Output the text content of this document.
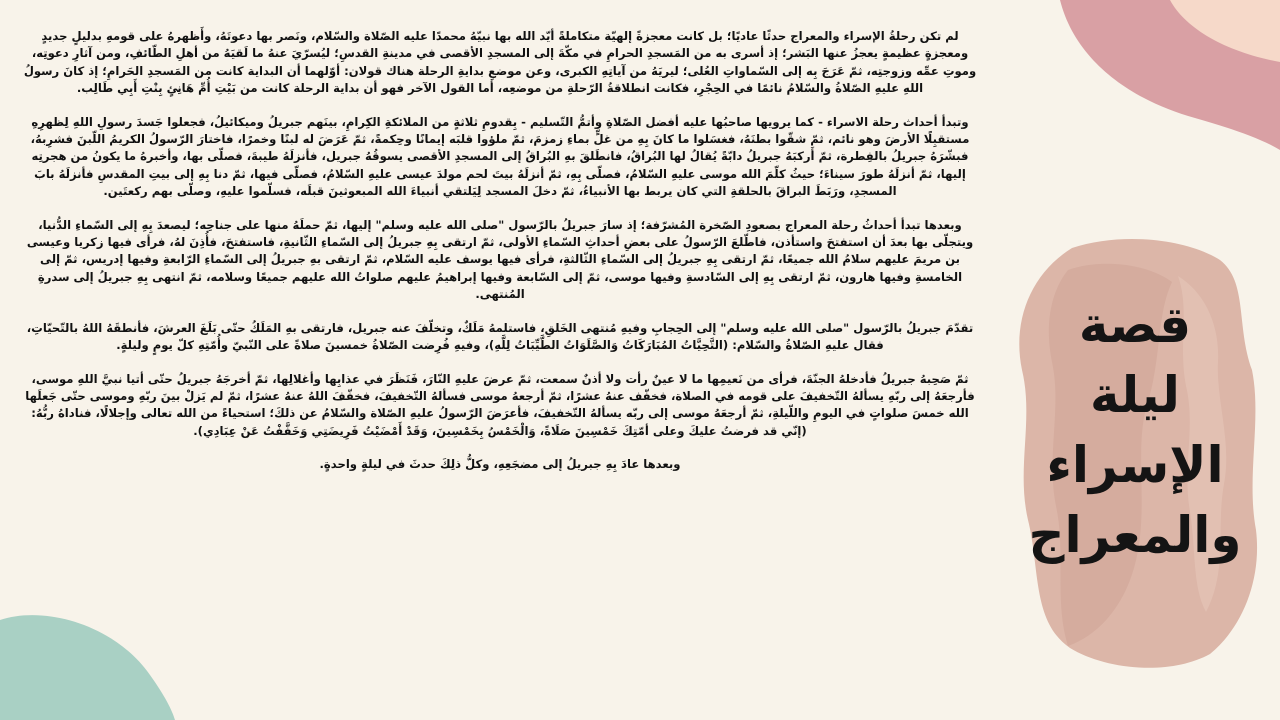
قصة
ليلة
الإسراء
والمعراج

لم تكن رحلةُ الإسراء والمعراج حدثًا عاديًا؛ بل كانت معجزةً إلهيّة متكاملةً أيّد الله بها نبيّهُ محمدًا عليه الصّلاة والسّلام، ونَصر بها دعوتَهُ، وأَظهرهُ على قومهِ بدليلٍ جديدٍ ومعجزةٍ عظيمةٍ يعجزُ عنها البَشر؛ إذ أسرى به من المَسجدِ الحرامِ في مكّةَ إلى المسجدِ الأقصى في مدينةِ القدسِ؛ ليُسرّيَ عنهُ ما لَقيَهُ من أهلِ الطّائفِ، ومن آثارِ دعوتِه، وموتِ عمِّه وزوجتِه، ثمّ عَرَجَ بِه إلى السّماواتِ العُلى؛ ليريَهُ من آياتِهِ الكبرى، وعن موضعِ بدايةِ الرحلة هناك قولان: أوّلهما أن البداية كانت من المَسجدِ الحَرامِ؛ إذ كانَ رسولُ اللهِ عليهِ الصّلاةُ والسّلامُ نائمًا في الحِجْرِ، فكانت انطلاقةُ الرّحلةِ من موضعِه، أما القول الآخر فهو أن بداية الرحلة كانت من بَيْتِ أُمِّ هَانِئٍ بِنْتِ أَبِي طَالِب.

وتبدأ أحداث رحلة الاسراء - كما يرويها صاحبُها عليه أفضل الصّلاةِ وأتمُّ التّسليم - بِقدومِ ثلاثةٍ من الملائكةِ الكِرامِ، بينَهم جبريلُ وميكائيلُ، فجعلوا جَسدَ رسولِ اللهِ لِظهرِهِ مستقبِلًا الأرضَ وهو نائم، ثمّ شقّوا بطنَهُ، فغسَلوا ما كانَ بِهِ من غلٍّ بماءِ زمزمَ، ثمّ ملؤوا قلبَه إيمانًا وحِكمةً، ثمّ عَرَضَ له لبنًا وخمرًا، فاختارَ الرّسولُ الكريمُ اللّبنَ فشرِبهُ، فبشّرَهُ جبريلُ بالفِطرة، ثمّ أَركبَهُ جبريلُ دابّةً يُقالُ لها البُراقُ، فانطَلقَ بهِ البُراقُ إلى المسجدِ الأقصى يسوقُهُ جبريل، فأنزلَهُ طيبةَ، فصلّى بها، وأخبرهُ ما يكونُ من هجرتِه إليها، ثمّ أنزلَهُ طورَ سيناءَ؛ حيثُ كلّمَ الله موسى عليهِ السّلامُ، فصلّى بِهِ، ثمّ أنزلَهُ بيتَ لحم مولدَ عيسى عليهِ السّلامُ، فصلّى فيها، ثمّ دنا بِهِ إلى بيتِ المقدسِ فأنزلَهُ بابَ المسجدِ، ورَبَطَ البراقَ بالحلقةِ التي كان يربط بها الأنبياءُ، ثمّ دخلَ المسجد لِيَلتقي أنبياءَ الله المبعوثينَ قبلَه، فسلّموا عليهِ، وصلّى بهم ركعتَين.

وبعدها تبدأ أحداثُ رحلة المعراج بصعودِ الصّخرة المُشرّفة؛ إذ سارَ جبريلُ بالرّسول "صلى الله عليه وسلم" إليها، ثمّ حملَهُ منها على جناحِه؛ ليصعدَ بِهِ إلى السّماءِ الدُّنيا، ويتجلّى بها بعدَ أن استفتحَ واستأذن، فاطّلعَ الرّسولُ على بعضِ أحداثِ السّماءِ الأولى، ثمّ ارتقى بِهِ جبريلُ إلى السّماءِ الثّانيةِ، فاستفتحَ، فأُذِنَ لهُ، فرأى فيها زكريا وعيسى بن مريمَ عليهم سلامُ الله جميعًا، ثمّ ارتقى بِهِ جبريلُ إلى السّماءِ الثّالثةِ، فرأى فيها يوسف عليه السّلام، ثمّ ارتقى بهِ جبريلُ إلى السّماءِ الرّابعةِ وفيها إدريس، ثمّ إلى الخامسةِ وفيها هارون، ثمّ ارتقى بِهِ إلى السّادسةِ وفيها موسى، ثمّ إلى السّابعة وفيها إبراهيمُ عليهم صلواتُ الله عليهم جميعًا وسلامه، ثمّ انتهى بِهِ جبريلُ إلى سدرةِ المُنتهى.

تقدّمَ جبريلُ بالرّسول "صلى الله عليه وسلم" إلى الحِجابِ وفيهِ مُنتهى الخَلقِ، فاستلمهُ مَلَكٌ، وتخلّفَ عنه جبريل، فارتقى بهِ المَلَكُ حتّى بَلَغَ العرشَ، فأنطقَهُ اللهُ بالتّحيّاتِ، فقال عليهِ الصّلاةُ والسّلام: (التَّحِيَّاتُ المُبَارَكَاتُ وَالصَّلَوَاتُ الطَّيِّبَاتُ لِلَّهِ)، وفيهِ فُرِضت الصّلاةُ خمسينَ صلاةً على النّبيّ وأُمّتِهِ كلّ يومٍ وليلةٍ.

ثمّ صَحِبهُ جبريلُ فأدخلهُ الجنّةَ، فرأى من نَعيمِها ما لا عينٌ رأت ولا أذنٌ سمعت، ثمّ عرضَ عليهِ النّارَ، فَنَظَرَ في عذابِها وأغلالِها، ثمّ أخرجَهُ جبريلُ حتّى أتيا نبيَّ اللهِ موسى، فأرجعَهُ إلى ربّهِ يسألهُ التّخفيفَ على قومه في الصلاة، فخفّف عنهُ عشرًا، ثمّ أرجعهُ موسى فسألهُ التّخفيفَ، فخفّفَ اللهُ عنهُ عشرًا، ثمّ لم يَزلْ بينَ ربّهِ وموسى حتّى جَعلَها الله خمسَ صلواتٍ في اليومِ واللّيلةِ، ثمّ أرجعَهُ موسى إلى ربّه يسألهُ التّخفيفَ، فأعرَضَ الرّسولُ عليهِ الصّلاة والسّلامُ عن ذلكَ؛ استحياءً من الله تعالى وإجلالًا، فناداهُ ربُّهُ: (إنّي قد فرضتُ عليكَ وعلى أمّتِكَ خَمْسِينَ صَلَاةً، وَالْخَمْسُ بِخَمْسِينَ، وَقَدْ أَمْضَيْتُ فَرِيضَتِي وَخَفَّفْتُ عَنْ عِبَادِي).

وبعدها عادَ بِهِ جبريلُ إلى مضجَعِهِ، وكلُّ ذلِكَ حدثَ في ليلةٍ واحدةٍ.
